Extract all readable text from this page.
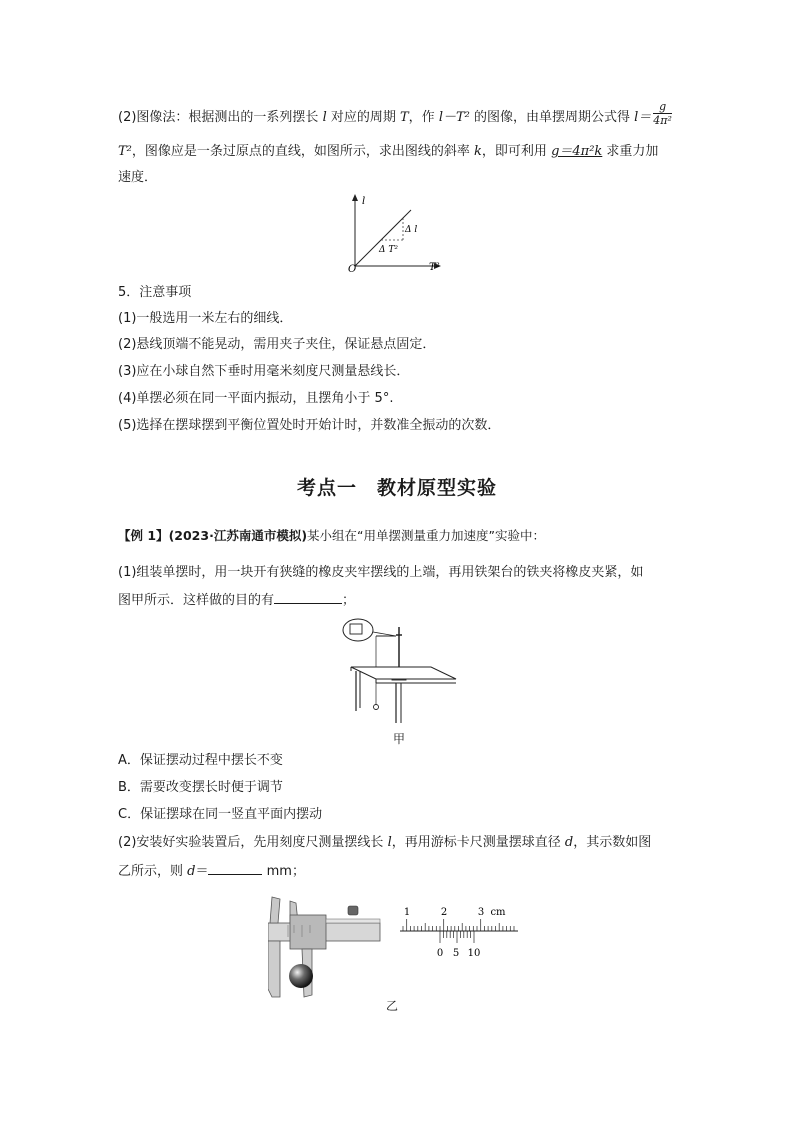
(2)图像法：根据测出的一系列摆长 l 对应的周期 T，作 l－T² 的图像，由单摆周期公式得 $l= \frac{g}{\text{4π²}}$
T²，图像应是一条过原点的直线，如图所示，求出图线的斜率 k，即可利用 g＝4π²k 求重力加
速度．
l
T²
O
Δ l
Δ T²
5．注意事项
(1)一般选用一米左右的细线．
(2)悬线顶端不能晃动，需用夹子夹住，保证悬点固定．
(3)应在小球自然下垂时用毫米刻度尺测量悬线长．
(4)单摆必须在同一平面内振动，且摆角小于 5°.
(5)选择在摆球摆到平衡位置处时开始计时，并数准全振动的次数．
考点一　教材原型实验
【例 1】(2023·江苏南通市模拟)某小组在“用单摆测量重力加速度”实验中：
(1)组装单摆时，用一块开有狭缝的橡皮夹牢摆线的上端，再用铁架台的铁夹将橡皮夹紧，如
图甲所示．这样做的目的有	；
甲
A．保证摆动过程中摆长不变
B．需要改变摆长时便于调节
C．保证摆球在同一竖直平面内摆动
(2)安装好实验装置后，先用刻度尺测量摆线长 l，再用游标卡尺测量摆球直径 d，其示数如图
乙所示，则 d＝	mm；
1	2	3 cm
0 5 10
乙
